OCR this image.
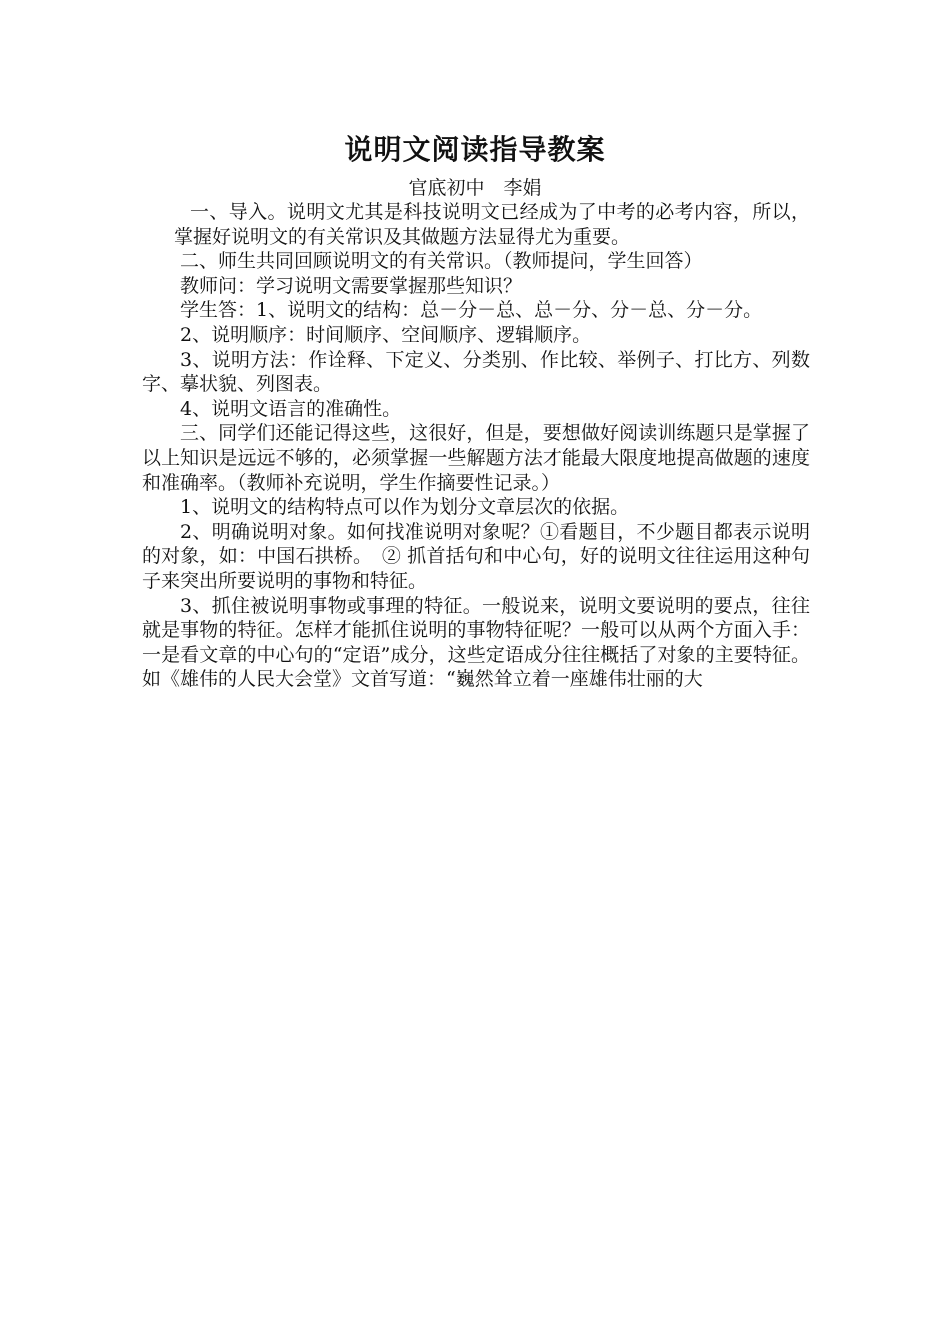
说明文阅读指导教案
官底初中　李娟

一、导入。说明文尤其是科技说明文已经成为了中考的必考内容，所以，掌握好说明文的有关常识及其做题方法显得尤为重要。

二、师生共同回顾说明文的有关常识。（教师提问，学生回答）

教师问：学习说明文需要掌握那些知识？

学生答：1、说明文的结构：总－分－总、总－分、分－总、分－分。

2、说明顺序：时间顺序、空间顺序、逻辑顺序。

3、说明方法：作诠释、下定义、分类别、作比较、举例子、打比方、列数字、摹状貌、列图表。

4、说明文语言的准确性。

三、同学们还能记得这些，这很好，但是，要想做好阅读训练题只是掌握了以上知识是远远不够的，必须掌握一些解题方法才能最大限度地提高做题的速度和准确率。（教师补充说明，学生作摘要性记录。）

1、说明文的结构特点可以作为划分文章层次的依据。

2、明确说明对象。如何找准说明对象呢？①看题目，不少题目都表示说明的对象，如：中国石拱桥。　② 抓首括句和中心句，好的说明文往往运用这种句子来突出所要说明的事物和特征。

3、抓住被说明事物或事理的特征。一般说来，说明文要说明的要点，往往就是事物的特征。怎样才能抓住说明的事物特征呢？一般可以从两个方面入手：一是看文章的中心句的“定语”成分，这些定语成分往往概括了对象的主要特征。如《雄伟的人民大会堂》文首写道：“巍然耸立着一座雄伟壮丽的大
